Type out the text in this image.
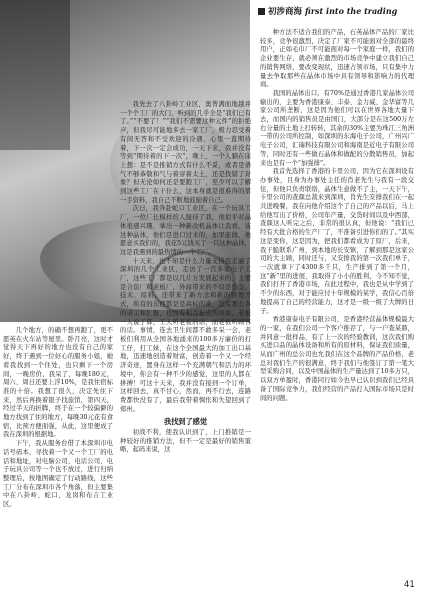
初涉商海 first into the trading

几个地方，的确不想再跑了，更不愿英在火车站等屋里。卧月亮，这时才觉得天下再好的地方也没有自己的家好，终于遇到一位好心的服务小姐，她看我找到一个住处，也只剩下一个房间，一晚房价，我呆了，每晚180元，周六、周日还要上浮10%，是我住宿标准的十倍。我想了很久，决定先住下来，然后再换着银子找旅馆，第四天，经过半天的折腾，终于在一个较偏僻的地方找到了住的地方，每晚30元花有食宿，比预方便面强，从此，这里便成了我在深圳的根据地。

下午，我从服务台借了本深圳市电话号码本，寻找着一个又一个工厂的电话和地址，对电脑公司、电话公司、电子玩具公司等一个也不放过，进行归纳整理后，按地图确定了行动路线，这些工厂分布在深圳市各个角落，但主要集中在八卦岭、蛇口、龙岗和布吉工业区。

我先去了八卦岭工业区，奥普满面地越并一个个工厂的大门，听到的几乎全是“我们已有了。”“不要了！”“我们不需要这种元件”的拒绝声，但我尽可能地多去一家工厂，极力忍受着有间无答和不受欢迎的冷遇，心里一直期待着，下一次一定会成功，一天下来，我并没有等到“期待着的下一次”，晚上，一个人躺在床上想：是不是推销方式有什么不妥，或者是语气不够恭敬和气与着穿着太土，还是找错了对象？但无论如何还是要跑工厂，至少可以了解到这些工厂在干什么，这本身就是很难得的第一手资料，我自己不断地鼓励着自己。

次日，我奔赴蛇口工业区，在一个玩具工厂，一位厂长模样的人接待了我，他似乎对晶体很感兴趣，拿出一种新改机晶体让我看，该这种晶体，他们是进口过来的，加果能做，他愿意买我们的，我花5元钱买了一只这种晶体，这是我遇到的最热情的一个工厂。

十天来，也不知是什么力量支持我走遍了深圳的几个工业区，走访了一百多家电子工厂，这些工厂都是以几片万发展起来的，主要是合资厂和老板厂，外商带来的不仅是资金，技术、原料，还带来了新方念和新的管理方式，所有的东西都是是高标的准，没有那么多的请示和汇报，也没有相互扯皮的现象，老板一人说了算，工人听老板的话，而老板听顾客的话。事情，连去卫生间都不敢多呆一会，老板们利用从全国各地涌来的100多万廉价的打工仔，打工妹，在这个全国最大的加工出口基地，迅速地创造着财富，创造着一个又一个经济奇迹，置身在这样一个充满朝气和活力的环境中，你会有一种不少的感觉，这里的人都在拼搏！可这十天来，我并没有接到一个订单，这样回去，真不甘心，然而，再不行去，连路费都快没有了，最后我带着惆怅和失望回到了郑州。

我找到了感觉

初战不利，使我认识到了，上门推销是一种较好的推销方法，但不一定是最好的销售策略，起码来说，这

种方法不适合我们的产品，石英晶体产品的厂家比较多，竞争很激烈，决定了厂家不可能面对全部的最终用户，正如毛巾厂不可能面对每一个家庭一样，我们的企业要生存，就必须在激烈的市场竞争中建立我们自己的销售网络，要改变现状，迅速占领市场，只有集中力量去争取那些在晶体市场中具有领导和影响力的代理商。

我国的晶体出口，有70%是通过香港几家晶体公司输出的，主要为香港康泰、丰泰、金力威、金华富等几家公司所垄断，这是因为他们可以在世界各地大量下去，而国内的销售员是由国门，大部分是在这500万左右分量的土地上打转转，其余的30%主要为珠江三角洲一带的公司所控制，如深圳的东海电子公司，广州兴广电子公司，汇瑞科技有限公司和海南是近电子有限公司等，同时还有一些做石晶体和做配的分散销售员，加起来也是有一个“加强排”。

我首先选择了香港的卡里公司，因为它在深圳设有办事处，且身为办事处主任的肖老先生与我有一段交往，但他只负责联络，晶体生意做不了主，一天下午，卡里公司的查颜总裁来到深圳，肖先生安排我们在一起共进晚餐，我在向他介绍这个了自己的产品以后，马上给他写出了价格，公司年产量，交货时间以及中西部，查颜这人听完之后，非常的很认真，但他说：“我们已经有大批合格的生产厂了，不准备引进你们的了。”其实这是变你，这是因为，把我们都看成为了原厂，后来，我干脆联系广州，到本地的长安镇，了解到那是这家公司的大主顾，同时还与，又安排我的第一次我们单子，一次就拿下了4300多千只，生产排到了第一个月，这“新”里的进展，我取得了小小的胜利，今不知不觉，我们打开了香港市场，在此过程中，我也是从中学到了不少的东西，对于能应付十年规模的某学，我信心百倍地提高了自己的经营能力，这才是一级一级了大牌的日子。

香港康泰电子有限公司，是香港经营晶体规模最大的一家，在我们公司一个客户推荐了，与一户查某鼎，并同意一批样品，有了上一次的经验教训，这次我们购买进口品的晶体设备和所有的原材料，保证我们质量，从而广州的总公司也允我们在这个品牌的产品价格，老总对我们生产的很满意，终于我们与他签订了第一笔大型采购合同，以及中国晶体的生产量达到了10多万只，以双方单盈时，香港同行如今也早已认识到我们已经具备了国际竞争力，我们经营的产品打入国际市场只是时间的问题。

41
